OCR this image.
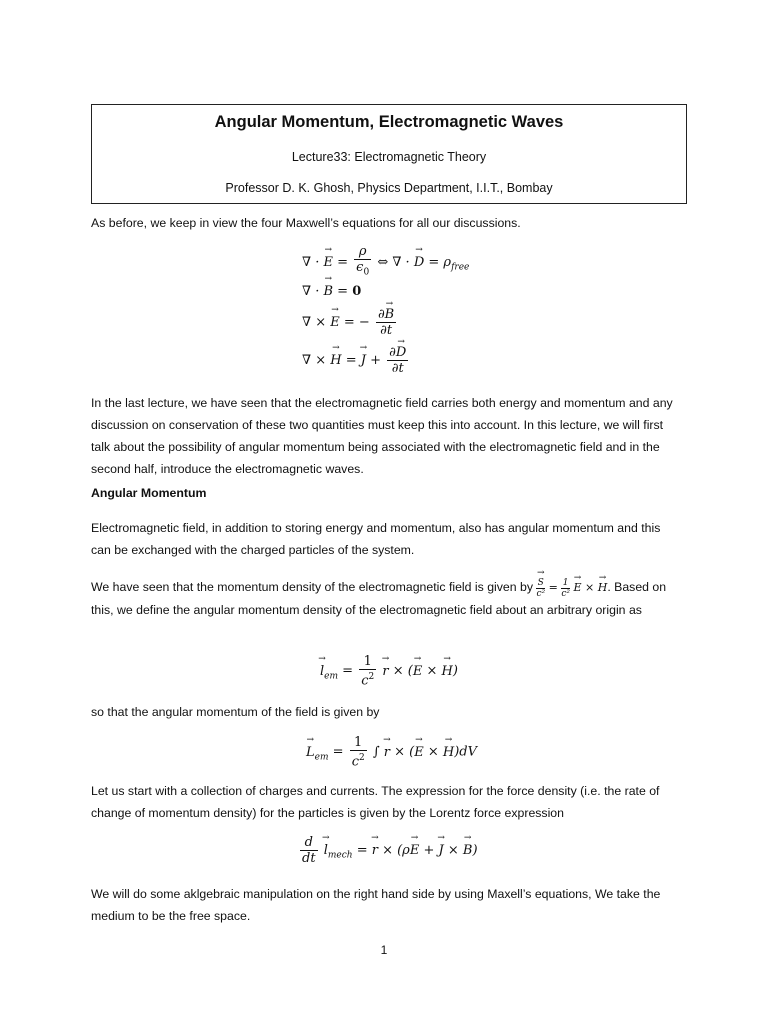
Angular Momentum, Electromagnetic Waves
Lecture33: Electromagnetic Theory
Professor D. K. Ghosh, Physics Department, I.I.T., Bombay
As before, we keep in view the four Maxwell’s equations for all our discussions.
∇ · → $E = \frac{\rho}{\epsilon_0}$ ⇔ ∇ · → $D = \rho_{free}$
∇ · → B = 0
∇ × → E = − $\frac{\partial\to B}{\partial t}$
∇ × → H = → $J + \frac{\partial\to D}{\partial t}$
In the last lecture, we have seen that the electromagnetic field carries both energy and momentum and any discussion on conservation of these two quantities must keep this into account. In this lecture, we will first talk about the possibility of angular momentum being associated with the electromagnetic field and in the second half, introduce the electromagnetic waves.
Angular Momentum
Electromagnetic field, in addition to storing energy and momentum, also has angular momentum and this can be exchanged with the charged particles of the system.
We have seen that the momentum density of the electromagnetic field is given by
→ $\frac{S}{\text{c²}} = \frac{1}{\text{c²}}$
→ E × → H. Based on this, we define the angular momentum density of the electromagnetic field about an arbitrary origin as
→ $l_{em} = \frac{1}{c^2}$
→ r × (→ E × → H)
so that the angular momentum of the field is given by
→ $L_{em} = \frac{1}{c^2}$ ∫ → r × (→ E × → H)dV
Let us start with a collection of charges and currents. The expression for the force density (i.e. the rate of change of momentum density) for the particles is given by the Lorentz force expression
$\frac{d}{dt}$
→ $l_{mech}$ = → r × (ρ→ E + → J × → B)
We will do some aklgebraic manipulation on the right hand side by using Maxell’s equations, We take the medium to be the free space.
1
